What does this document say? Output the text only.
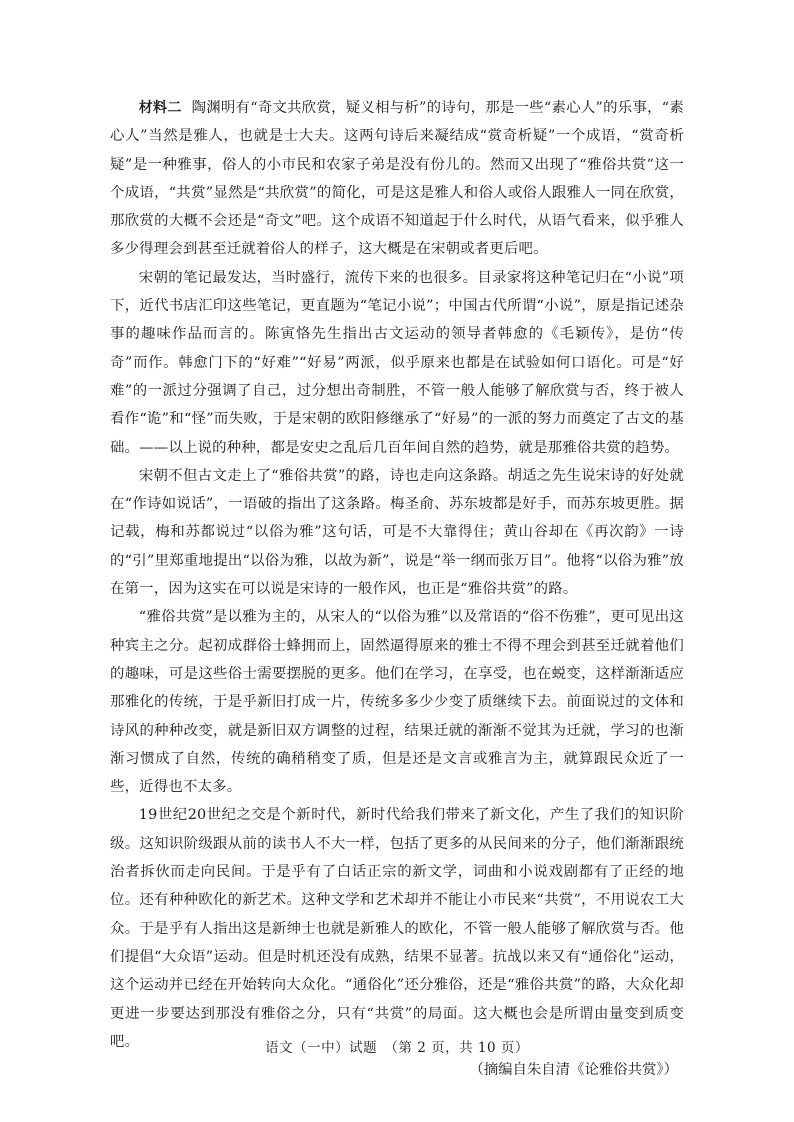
材料二 陶渊明有“奇文共欣赏，疑义相与析”的诗句，那是一些“素心人”的乐事，“素心人”当然是雅人，也就是士大夫。这两句诗后来凝结成“赏奇析疑”一个成语，“赏奇析疑”是一种雅事，俗人的小市民和农家子弟是没有份儿的。然而又出现了“雅俗共赏”这一个成语，“共赏”显然是“共欣赏”的简化，可是这是雅人和俗人或俗人跟雅人一同在欣赏，那欣赏的大概不会还是“奇文”吧。这个成语不知道起于什么时代，从语气看来，似乎雅人多少得理会到甚至迁就着俗人的样子，这大概是在宋朝或者更后吧。

宋朝的笔记最发达，当时盛行，流传下来的也很多。目录家将这种笔记归在“小说”项下，近代书店汇印这些笔记，更直题为“笔记小说”；中国古代所谓“小说”，原是指记述杂事的趣味作品而言的。陈寅恪先生指出古文运动的领导者韩愈的《毛颖传》，是仿“传奇”而作。韩愈门下的“好难”“好易”两派，似乎原来也都是在试验如何口语化。可是“好难”的一派过分强调了自己，过分想出奇制胜，不管一般人能够了解欣赏与否，终于被人看作“诡”和“怪”而失败，于是宋朝的欧阳修继承了“好易”的一派的努力而奠定了古文的基础。——以上说的种种，都是安史之乱后几百年间自然的趋势，就是那雅俗共赏的趋势。

宋朝不但古文走上了“雅俗共赏”的路，诗也走向这条路。胡适之先生说宋诗的好处就在“作诗如说话”，一语破的指出了这条路。梅圣俞、苏东坡都是好手，而苏东坡更胜。据记载，梅和苏都说过“以俗为雅”这句话，可是不大靠得住；黄山谷却在《再次韵》一诗的“引”里郑重地提出“以俗为雅，以故为新”，说是“举一纲而张万目”。他将“以俗为雅”放在第一，因为这实在可以说是宋诗的一般作风，也正是“雅俗共赏”的路。

“雅俗共赏”是以雅为主的，从宋人的“以俗为雅”以及常语的“俗不伤雅”，更可见出这种宾主之分。起初成群俗士蜂拥而上，固然逼得原来的雅士不得不理会到甚至迁就着他们的趣味，可是这些俗士需要摆脱的更多。他们在学习，在享受，也在蜕变，这样渐渐适应那雅化的传统，于是乎新旧打成一片，传统多多少少变了质继续下去。前面说过的文体和诗风的种种改变，就是新旧双方调整的过程，结果迁就的渐渐不觉其为迁就，学习的也渐渐习惯成了自然，传统的确稍稍变了质，但是还是文言或雅言为主，就算跟民众近了一些，近得也不太多。

19世纪20世纪之交是个新时代，新时代给我们带来了新文化，产生了我们的知识阶级。这知识阶级跟从前的读书人不大一样，包括了更多的从民间来的分子，他们渐渐跟统治者拆伙而走向民间。于是乎有了白话正宗的新文学，词曲和小说戏剧都有了正经的地位。还有种种欧化的新艺术。这种文学和艺术却并不能让小市民来“共赏”，不用说农工大众。于是乎有人指出这是新绅士也就是新雅人的欧化，不管一般人能够了解欣赏与否。他们提倡“大众语”运动。但是时机还没有成熟，结果不显著。抗战以来又有“通俗化”运动，这个运动并已经在开始转向大众化。“通俗化”还分雅俗，还是“雅俗共赏”的路，大众化却更进一步要达到那没有雅俗之分，只有“共赏”的局面。这大概也会是所谓由量变到质变吧。

（摘编自朱自清《论雅俗共赏》）

语文（一中）试题　（第 2 页，共 10 页）
